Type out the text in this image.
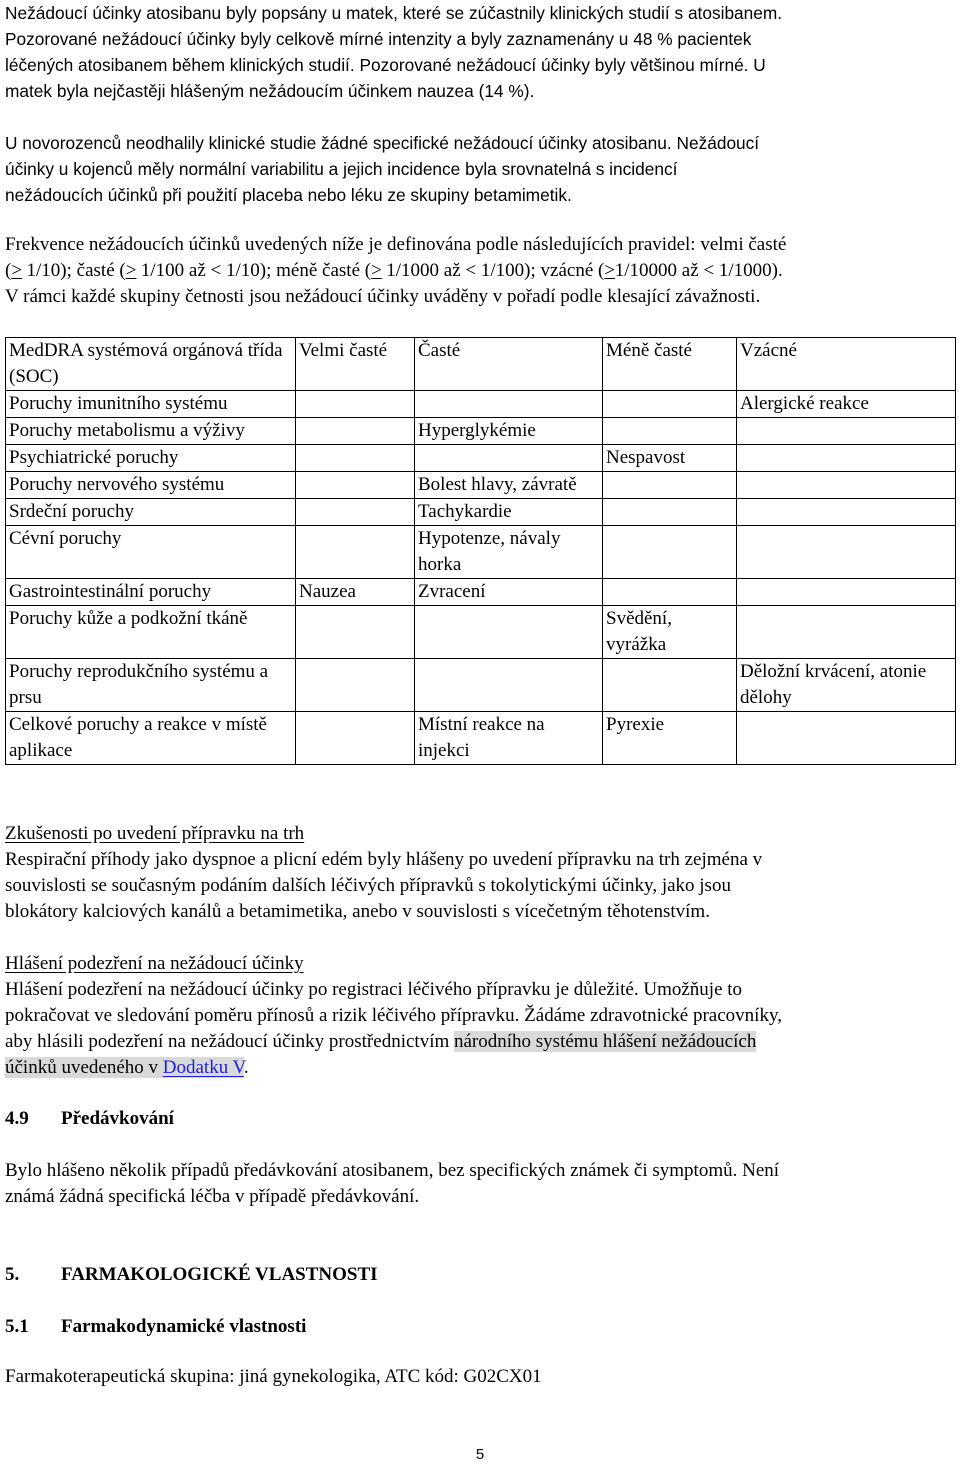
Nežádoucí účinky atosibanu byly popsány u matek, které se zúčastnily klinických studií s atosibanem.

Pozorované nežádoucí účinky byly celkově mírné intenzity a byly zaznamenány u 48 % pacientek

léčených atosibanem během klinických studií. Pozorované nežádoucí účinky byly většinou mírné. U

matek byla nejčastěji hlášeným nežádoucím účinkem nauzea (14 %).

U novorozenců neodhalily klinické studie žádné specifické nežádoucí účinky atosibanu. Nežádoucí

účinky u kojenců měly normální variabilitu a jejich incidence byla srovnatelná s incidencí

nežádoucích účinků při použití placeba nebo léku ze skupiny betamimetik.

Frekvence nežádoucích účinků uvedených níže je definována podle následujících pravidel: velmi časté

(> 1/10); časté (> 1/100 až < 1/10); méně časté (> 1/1000 až < 1/100); vzácné ( > 1/10000 až < 1/1000).

V rámci každé skupiny četnosti jsou nežádoucí účinky uváděny v pořadí podle klesající závažnosti.

MedDRA systémová orgánová třída (SOC)	Velmi časté	Časté	Méně časté	Vzácné
Poruchy imunitního systému				Alergické reakce
Poruchy metabolismu a výživy		Hyperglykémie		
Psychiatrické poruchy			Nespavost	
Poruchy nervového systému		Bolest hlavy, závratě		
Srdeční poruchy		Tachykardie		
Cévní poruchy		Hypotenze, návaly horka		
Gastrointestinální poruchy	Nauzea	Zvracení		
Poruchy kůže a podkožní tkáně			Svědění, vyrážka	
Poruchy reprodukčního systému a prsu				Děložní krvácení, atonie dělohy
Celkové poruchy a reakce v místě aplikace		Místní reakce na injekci	Pyrexie	

Zkušenosti po uvedení přípravku na trh

Respirační příhody jako dyspnoe a plicní edém byly hlášeny po uvedení přípravku na trh zejména v

souvislosti se současným podáním dalších léčivých přípravků s tokolytickými účinky, jako jsou

blokátory kalciových kanálů a betamimetika, anebo v souvislosti s vícečetným těhotenstvím.

Hlášení podezření na nežádoucí účinky

Hlášení podezření na nežádoucí účinky po registraci léčivého přípravku je důležité. Umožňuje to

pokračovat ve sledování poměru přínosů a rizik léčivého přípravku. Žádáme zdravotnické pracovníky,

aby hlásili podezření na nežádoucí účinky prostřednictvím národního systému hlášení nežádoucích

účinků uvedeného v Dodatku V.

4.9 Předávkování

Bylo hlášeno několik případů předávkování atosibanem, bez specifických známek či symptomů. Není

známá žádná specifická léčba v případě předávkování.

5. FARMAKOLOGICKÉ VLASTNOSTI
5.1 Farmakodynamické vlastnosti

Farmakoterapeutická skupina: jiná gynekologika, ATC kód: G02CX01

5
